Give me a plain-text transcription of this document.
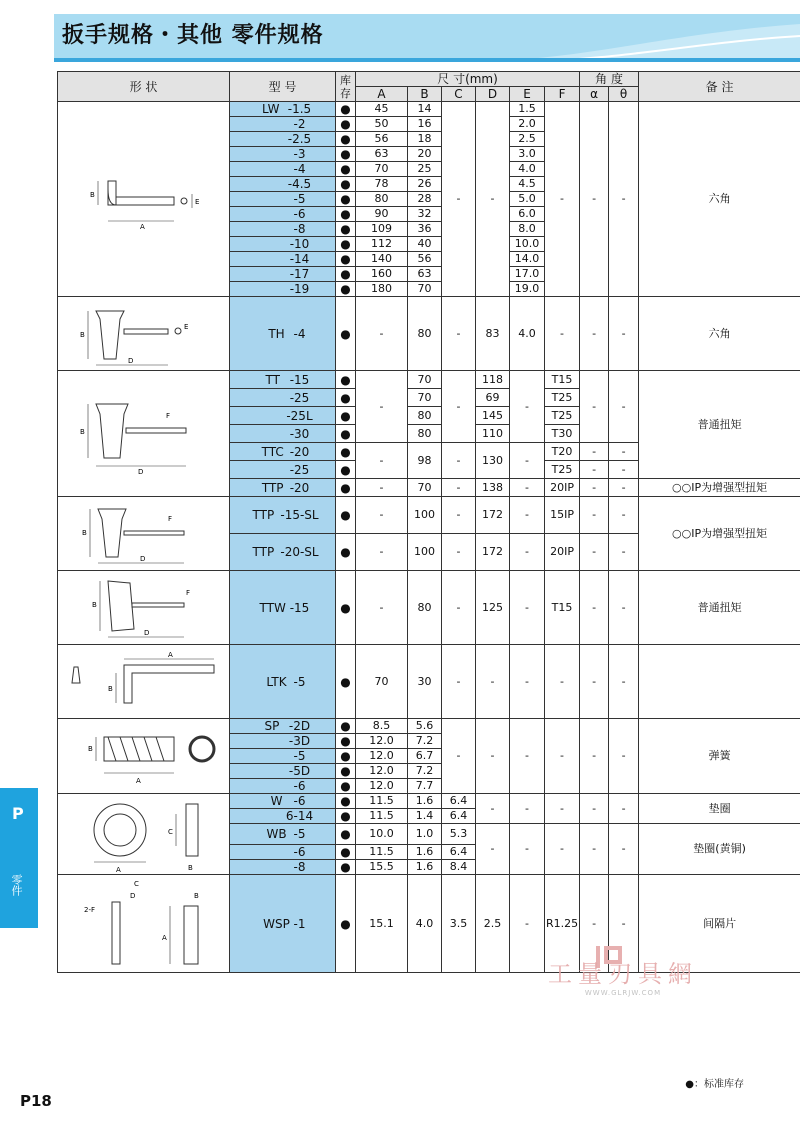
扳手规格・其他 零件规格
形 状	型 号	库存	尺 寸(mm)						角 度		备 注
			A	B	C	D	E	F	α	θ	

B
A
E	LW -1.5	●	45	14	-	-	1.5	-	-	-	六角
	-2	●	50	16			2.0				
	-2.5	●	56	18			2.5				
	-3	●	63	20			3.0				
	-4	●	70	25			4.0				
	-4.5	●	78	26			4.5				
	-5	●	80	28			5.0				
	-6	●	90	32			6.0				
	-8	●	109	36			8.0				
	-10	●	112	40			10.0				
	-14	●	140	56			14.0				
	-17	●	160	63			17.0				
	-19	●	180	70			19.0				

B
D
E	TH -4	●	-	80	-	83	4.0	-	-	-	六角

B
D
F	TT -15	●	-	70	-	118	-	T15	-	-	普通扭矩
	-25	●		70		69		T25			
	-25L	●		80		145		T25			
	-30	●		80		110		T30			
	TTC -20	●	-	98	-	130	-	T20	-	-	
	-25	●						T25	-	-	
	TTP -20	●	-	70	-	138	-	20IP	-	-	○○IP为增强型扭矩

B
D
F	TTP -15-SL	●	-	100	-	172	-	15IP	-	-	○○IP为增强型扭矩
	TTP -20-SL	●	-	100	-	172	-	20IP	-	-	

B
D
F	TTW -15	●	-	80	-	125	-	T15	-	-	普通扭矩

A
B	LTK -5	●	70	30	-	-	-	-	-	-	

B
A	SP -2D	●	8.5	5.6	-	-	-	-	-	-	弹簧
	-3D	●	12.0	7.2							
	-5	●	12.0	6.7							
	-5D	●	12.0	7.2							
	-6	●	12.0	7.7							

C
A B	W -6	●	11.5	1.6	6.4	-	-	-	-	-	垫圈
	6-14	●	11.5	1.4	6.4						
	WB -5	●	10.0	1.0	5.3	-	-	-	-	-	垫圈(黄铜)
	-6	●	11.5	1.6	6.4						
	-8	●	15.5	1.6	8.4						

C
D B
2-F
A	WSP -1	●	15.1	4.0	3.5	2.5	-	R1.25	-	-	间隔片
P
零件
工量刃具網
WWW.GLRJW.COM
P18
●：标准库存
